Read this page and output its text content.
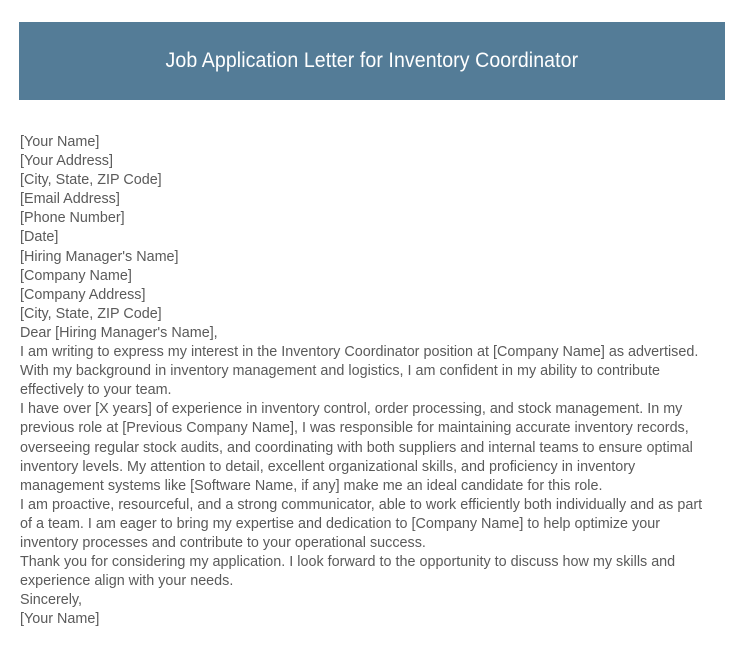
Job Application Letter for Inventory Coordinator

[Your Name]

[Your Address]

[City, State, ZIP Code]

[Email Address]

[Phone Number]

[Date]

[Hiring Manager's Name]

[Company Name]

[Company Address]

[City, State, ZIP Code]

Dear [Hiring Manager's Name],

I am writing to express my interest in the Inventory Coordinator position at [Company Name] as advertised. With my background in inventory management and logistics, I am confident in my ability to contribute effectively to your team.

I have over [X years] of experience in inventory control, order processing, and stock management. In my previous role at [Previous Company Name], I was responsible for maintaining accurate inventory records, overseeing regular stock audits, and coordinating with both suppliers and internal teams to ensure optimal inventory levels. My attention to detail, excellent organizational skills, and proficiency in inventory management systems like [Software Name, if any] make me an ideal candidate for this role.

I am proactive, resourceful, and a strong communicator, able to work efficiently both individually and as part of a team. I am eager to bring my expertise and dedication to [Company Name] to help optimize your inventory processes and contribute to your operational success.

Thank you for considering my application. I look forward to the opportunity to discuss how my skills and experience align with your needs.

Sincerely,

[Your Name]
